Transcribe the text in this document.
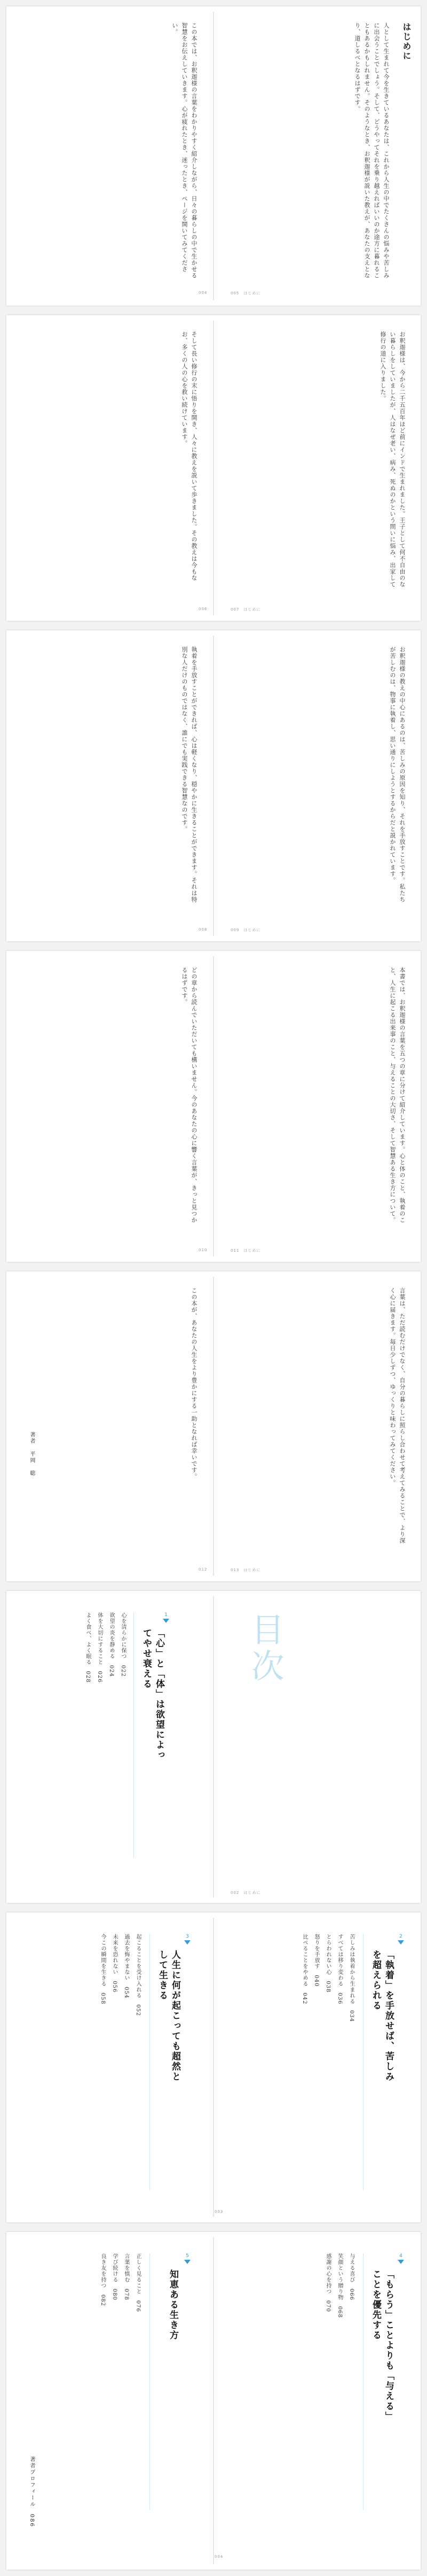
はじめに
人として生まれて今を生きているあなたは、これから人生の中でたくさんの悩みや苦しみに出会うことでしょう。そして、どうやってそれを乗り越えればいいのか途方に暮れることもあるかもしれません。そのようなとき、お釈迦様が説いた教えが、あなたの支えとなり、道しるべとなるはずです。
この本では、お釈迦様の言葉をわかりやすく紹介しながら、日々の暮らしの中で生かせる智慧をお伝えしていきます。心が疲れたとき、迷ったとき、ページを開いてみてください。
005　はじめに
004
お釈迦様は、今から二千五百年ほど前にインドで生まれました。王子として何不自由のない暮らしをしていましたが、人はなぜ老い、病み、死ぬのかという問いに悩み、出家して修行の道に入りました。
そして長い修行の末に悟りを開き、人々に教えを説いて歩きました。その教えは今もなお、多くの人の心を救い続けています。
007　はじめに
006
お釈迦様の教えの中心にあるのは、苦しみの原因を知り、それを手放すことです。私たちが苦しむのは、物事に執着し、思い通りにしようとするからだと説かれています。
執着を手放すことができれば、心は軽くなり、穏やかに生きることができます。それは特別な人だけのものではなく、誰にでも実践できる智慧なのです。
009　はじめに
008
本書では、お釈迦様の言葉を五つの章に分けて紹介しています。心と体のこと、執着のこと、人生に起こる出来事のこと、与えることの大切さ、そして智慧ある生き方について。
どの章から読んでいただいても構いません。今のあなたの心に響く言葉が、きっと見つかるはずです。
011　はじめに
010
言葉は、ただ読むだけでなく、自分の暮らしに照らし合わせて考えてみることで、より深く心に届きます。毎日少しずつ、ゆっくりと味わってみてください。
この本が、あなたの人生をより豊かにする一助となれば幸いです。
著者　平岡　聡
013　はじめに
012
目次
1
「心」と「体」は欲望によってやせ衰える
心を清らかに保つ　022
欲望の炎を静める　024
体を大切にすること　026
よく食べ、よく眠る　028
002　はじめに
2
「執着」を手放せば、苦しみを超えられる
苦しみは執着から生まれる　034
すべては移り変わる　036
とらわれない心　038
怒りを手放す　040
比べることをやめる　042
3
人生に何が起こっても超然として生きる
起こることを受け入れる　052
過去を悔やまない　054
未来を恐れない　056
今この瞬間を生きる　058
003
4
「もらう」ことよりも「与える」ことを優先する
与える喜び　066
笑顔という贈り物　068
感謝の心を持つ　070
5
知恵ある生き方
正しく見ること　076
言葉を慎む　078
学び続ける　080
良き友を持つ　082
著者プロフィール　086
004
